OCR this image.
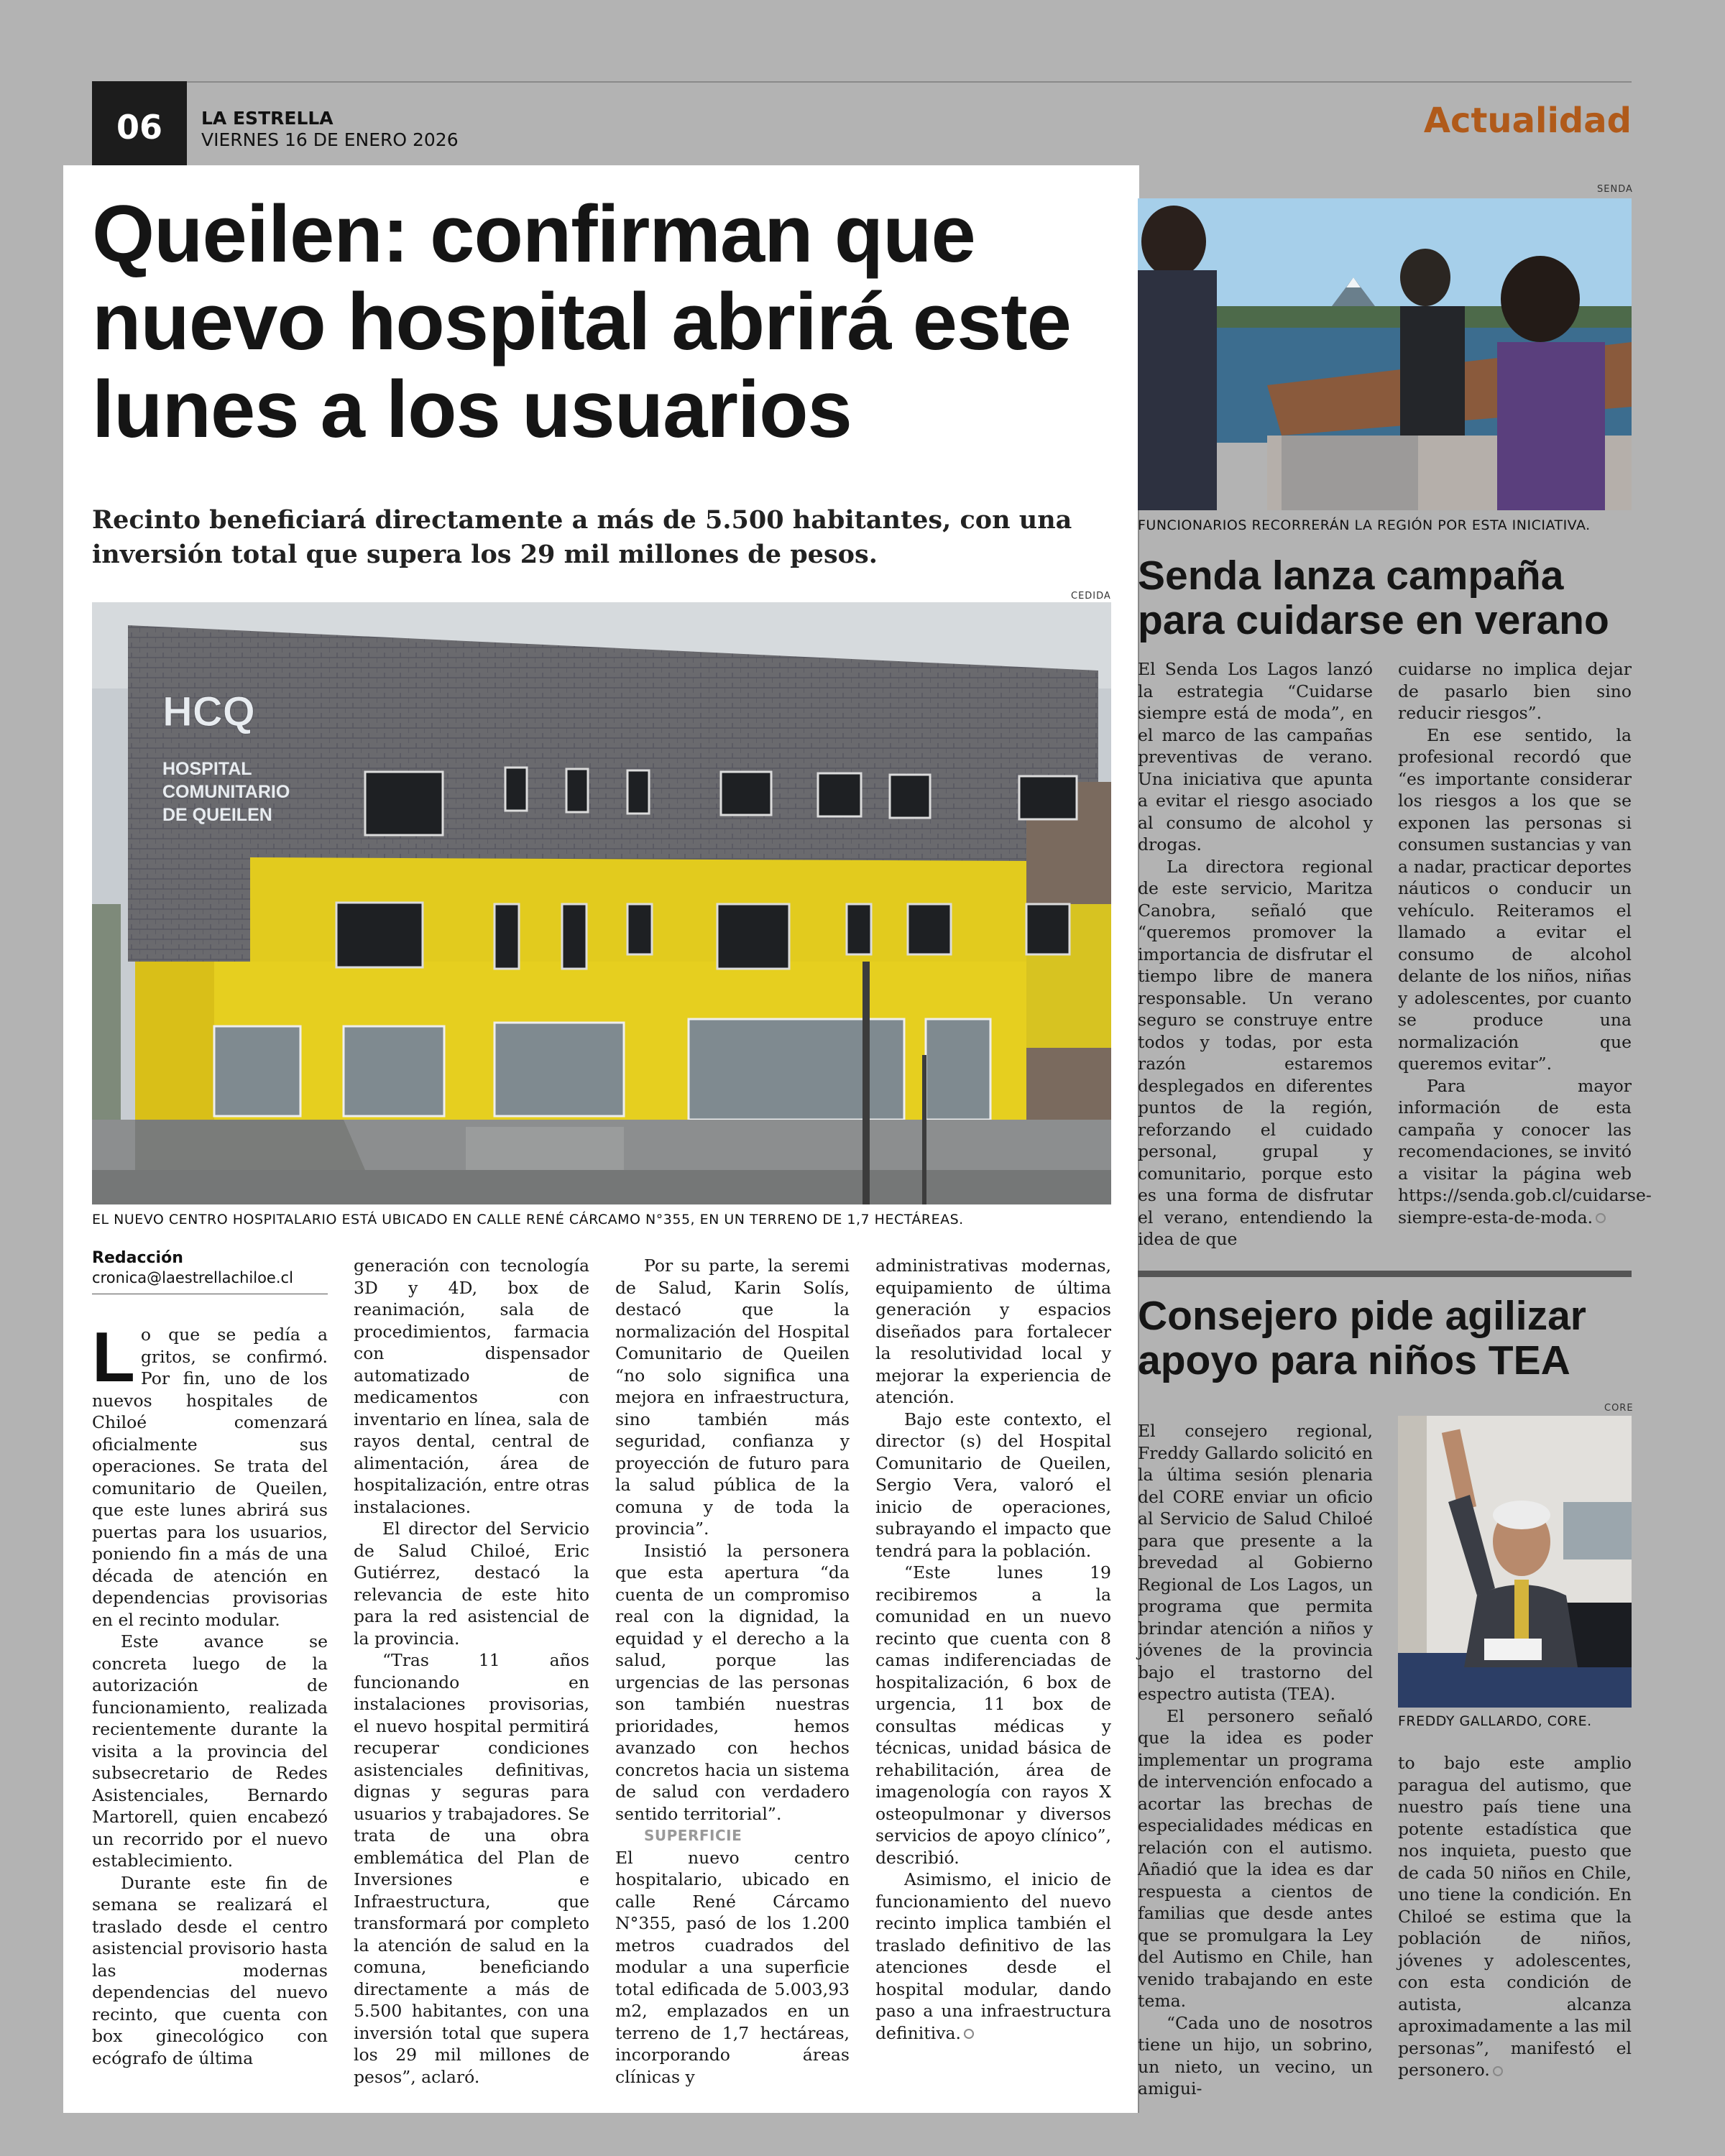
06	LA ESTRELLA
VIERNES 16 DE ENERO 2026	Actualidad
Queilen: confirman que nuevo hospital abrirá este lunes a los usuarios
Recinto beneficiará directamente a más de 5.500 habitantes, con una inversión total que supera los 29 mil millones de pesos.
CEDIDA
HCQ
HOSPITAL
COMUNITARIO
DE QUEILEN
EL NUEVO CENTRO HOSPITALARIO ESTÁ UBICADO EN CALLE RENÉ CÁRCAMO N°355, EN UN TERRENO DE 1,7 HECTÁREAS.
Redacción
cronica@laestrellachiloe.cl

Lo que se pedía a gritos, se confirmó. Por fin, uno de los nuevos hospitales de Chiloé comenzará oficialmente sus operaciones. Se trata del comunitario de Queilen, que este lunes abrirá sus puertas para los usuarios, poniendo fin a más de una década de atención en dependencias provisorias en el recinto modular.

Este avance se concreta luego de la autorización de funcionamiento, realizada recientemente durante la visita a la provincia del subsecretario de Redes Asistenciales, Bernardo Martorell, quien encabezó un recorrido por el nuevo establecimiento.

Durante este fin de semana se realizará el traslado desde el centro asistencial provisorio hasta las modernas dependencias del nuevo recinto, que cuenta con box ginecológico con ecógrafo de última

generación con tecnología 3D y 4D, box de reanimación, sala de procedimientos, farmacia con dispensador automatizado de medicamentos con inventario en línea, sala de rayos dental, central de alimentación, área de hospitalización, entre otras instalaciones.

El director del Servicio de Salud Chiloé, Eric Gutiérrez, destacó la relevancia de este hito para la red asistencial de la provincia.

“Tras 11 años funcionando en instalaciones provisorias, el nuevo hospital permitirá recuperar condiciones asistenciales definitivas, dignas y seguras para usuarios y trabajadores. Se trata de una obra emblemática del Plan de Inversiones e Infraestructura, que transformará por completo la atención de salud en la comuna, beneficiando directamente a más de 5.500 habitantes, con una inversión total que supera los 29 mil millones de pesos”, aclaró.

Por su parte, la seremi de Salud, Karin Solís, destacó que la normalización del Hospital Comunitario de Queilen “no solo significa una mejora en infraestructura, sino también más seguridad, confianza y proyección de futuro para la salud pública de la comuna y de toda la provincia”.

Insistió la personera que esta apertura “da cuenta de un compromiso real con la dignidad, la equidad y el derecho a la salud, porque las urgencias de las personas son también nuestras prioridades, hemos avanzado con hechos concretos hacia un sistema de salud con verdadero sentido territorial”.

SUPERFICIE

El nuevo centro hospitalario, ubicado en calle René Cárcamo N°355, pasó de los 1.200 metros cuadrados del modular a una superficie total edificada de 5.003,93 m2, emplazados en un terreno de 1,7 hectáreas, incorporando áreas clínicas y

administrativas modernas, equipamiento de última generación y espacios diseñados para fortalecer la resolutividad local y mejorar la experiencia de atención.

Bajo este contexto, el director (s) del Hospital Comunitario de Queilen, Sergio Vera, valoró el inicio de operaciones, subrayando el impacto que tendrá para la población.

“Este lunes 19 recibiremos a la comunidad en un nuevo recinto que cuenta con 8 camas indiferenciadas de hospitalización, 6 box de urgencia, 11 box de consultas médicas y técnicas, unidad básica de rehabilitación, área de imagenología con rayos X osteopulmonar y diversos servicios de apoyo clínico”, describió.

Asimismo, el inicio de funcionamiento del nuevo recinto implica también el traslado definitivo de las atenciones desde el hospital modular, dando paso a una infraestructura definitiva.

SENDA
FUNCIONARIOS RECORRERÁN LA REGIÓN POR ESTA INICIATIVA.
Senda lanza campaña para cuidarse en verano

El Senda Los Lagos lanzó la estrategia “Cuidarse siempre está de moda”, en el marco de las campañas preventivas de verano. Una iniciativa que apunta a evitar el riesgo asociado al consumo de alcohol y drogas.

La directora regional de este servicio, Maritza Canobra, señaló que “queremos promover la importancia de disfrutar el tiempo libre de manera responsable. Un verano seguro se construye entre todos y todas, por esta razón estaremos desplegados en diferentes puntos de la región, reforzando el cuidado personal, grupal y comunitario, porque esto es una forma de disfrutar el verano, entendiendo la idea de que

cuidarse no implica dejar de pasarlo bien sino reducir riesgos”.

En ese sentido, la profesional recordó que “es importante considerar los riesgos a los que se exponen las personas si consumen sustancias y van a nadar, practicar deportes náuticos o conducir un vehículo. Reiteramos el llamado a evitar el consumo de alcohol delante de los niños, niñas y adolescentes, por cuanto se produce una normalización que queremos evitar”.

Para mayor información de esta campaña y conocer las recomendaciones, se invitó a visitar la página web https://senda.gob.cl/cuidarse-siempre-esta-de-moda.

Consejero pide agilizar apoyo para niños TEA
CORE
FREDDY GALLARDO, CORE.

El consejero regional, Freddy Gallardo solicitó en la última sesión plenaria del CORE enviar un oficio al Servicio de Salud Chiloé para que presente a la brevedad al Gobierno Regional de Los Lagos, un programa que permita brindar atención a niños y jóvenes de la provincia bajo el trastorno del espectro autista (TEA).

El personero señaló que la idea es poder implementar un programa de intervención enfocado a acortar las brechas de especialidades médicas en relación con el autismo. Añadió que la idea es dar respuesta a cientos de familias que desde antes que se promulgara la Ley del Autismo en Chile, han venido trabajando en este tema.

“Cada uno de nosotros tiene un hijo, un sobrino, un nieto, un vecino, un amigui-

to bajo este amplio paragua del autismo, que nuestro país tiene una potente estadística que nos inquieta, puesto que de cada 50 niños en Chile, uno tiene la condición. En Chiloé se estima que la población de niños, jóvenes y adolescentes, con esta condición de autista, alcanza aproximadamente a las mil personas”, manifestó el personero.
